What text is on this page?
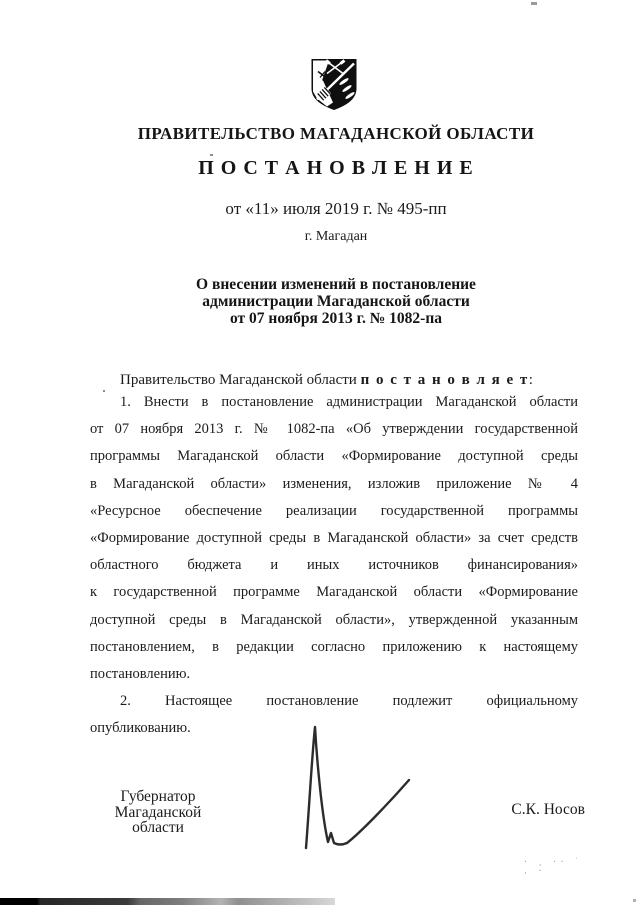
ПРАВИТЕЛЬСТВО МАГАДАНСКОЙ ОБЛАСТИ
П О С Т А Н О В Л Е Н И Е
от «11» июля 2019 г. № 495-пп
г. Магадан
О внесении изменений в постановление
администрации Магаданской области
от 07 ноября 2013 г. № 1082-па
Правительство Магаданской области п о с т а н о в л я е т:
1. Внести в постановление администрации Магаданской области
от 07 ноября 2013 г. № 1082-па «Об утверждении государственной
программы Магаданской области «Формирование доступной среды
в Магаданской области» изменения, изложив приложение № 4
«Ресурсное обеспечение реализации государственной программы
«Формирование доступной среды в Магаданской области» за счет средств
областного бюджета и иных источников финансирования»
к государственной программе Магаданской области «Формирование
доступной среды в Магаданской области», утвержденной указанным
постановлением, в редакции согласно приложению к настоящему
постановлению.
2. Настоящее постановление подлежит официальному
опубликованию.
Губернатор
Магаданской области
С.К. Носов
· ¸ ·· ˙ ˌ ·
